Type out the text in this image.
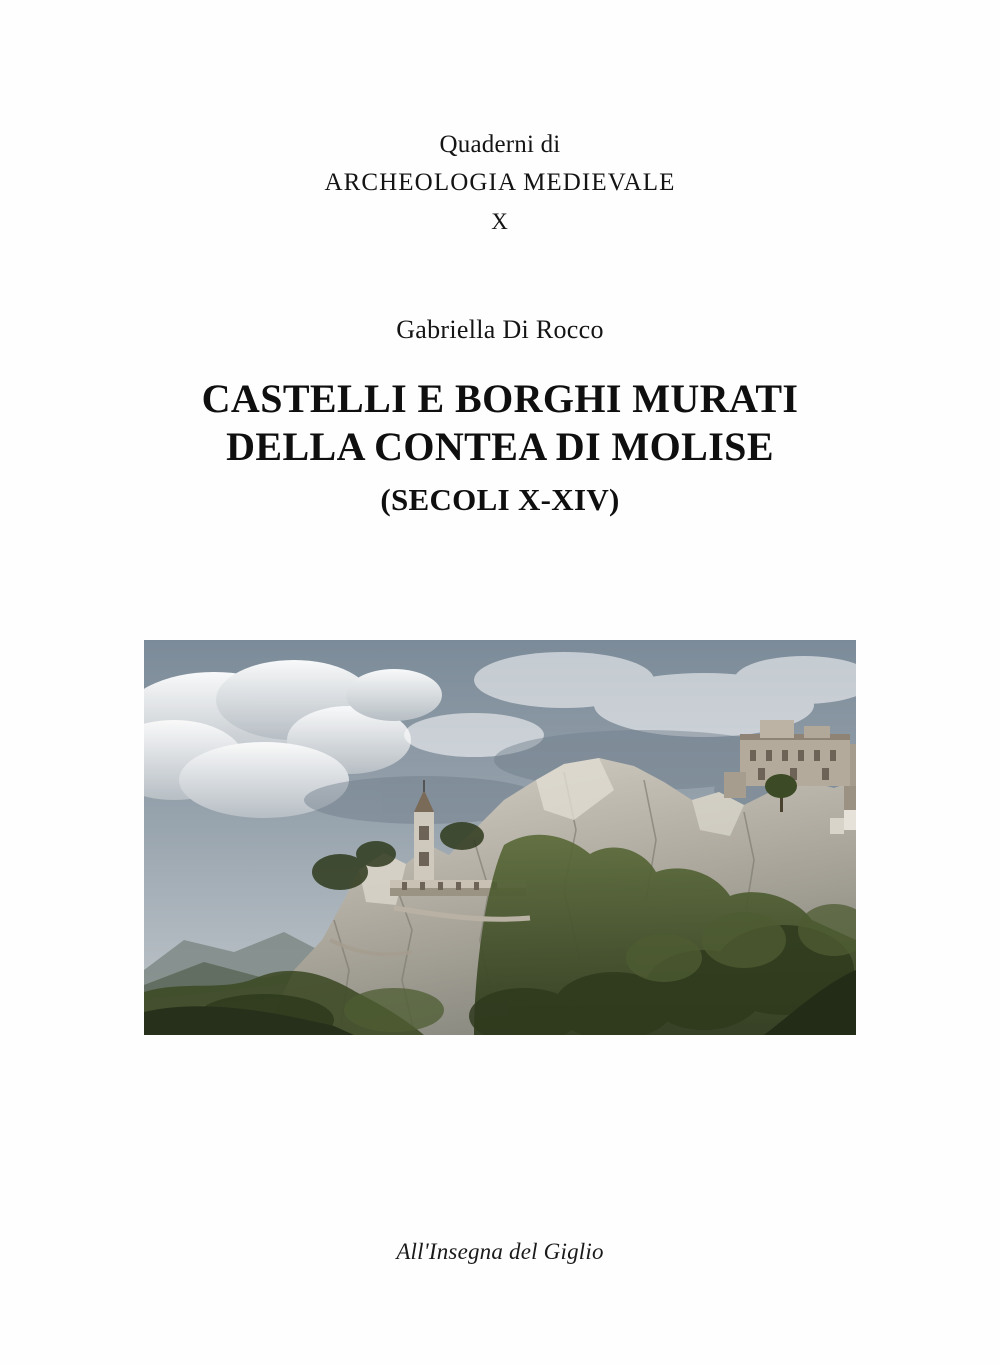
Quaderni di
ARCHEOLOGIA MEDIEVALE
X
Gabriella Di Rocco
CASTELLI E BORGHI MURATI
DELLA CONTEA DI MOLISE
(SECOLI X-XIV)
All'Insegna del Giglio
